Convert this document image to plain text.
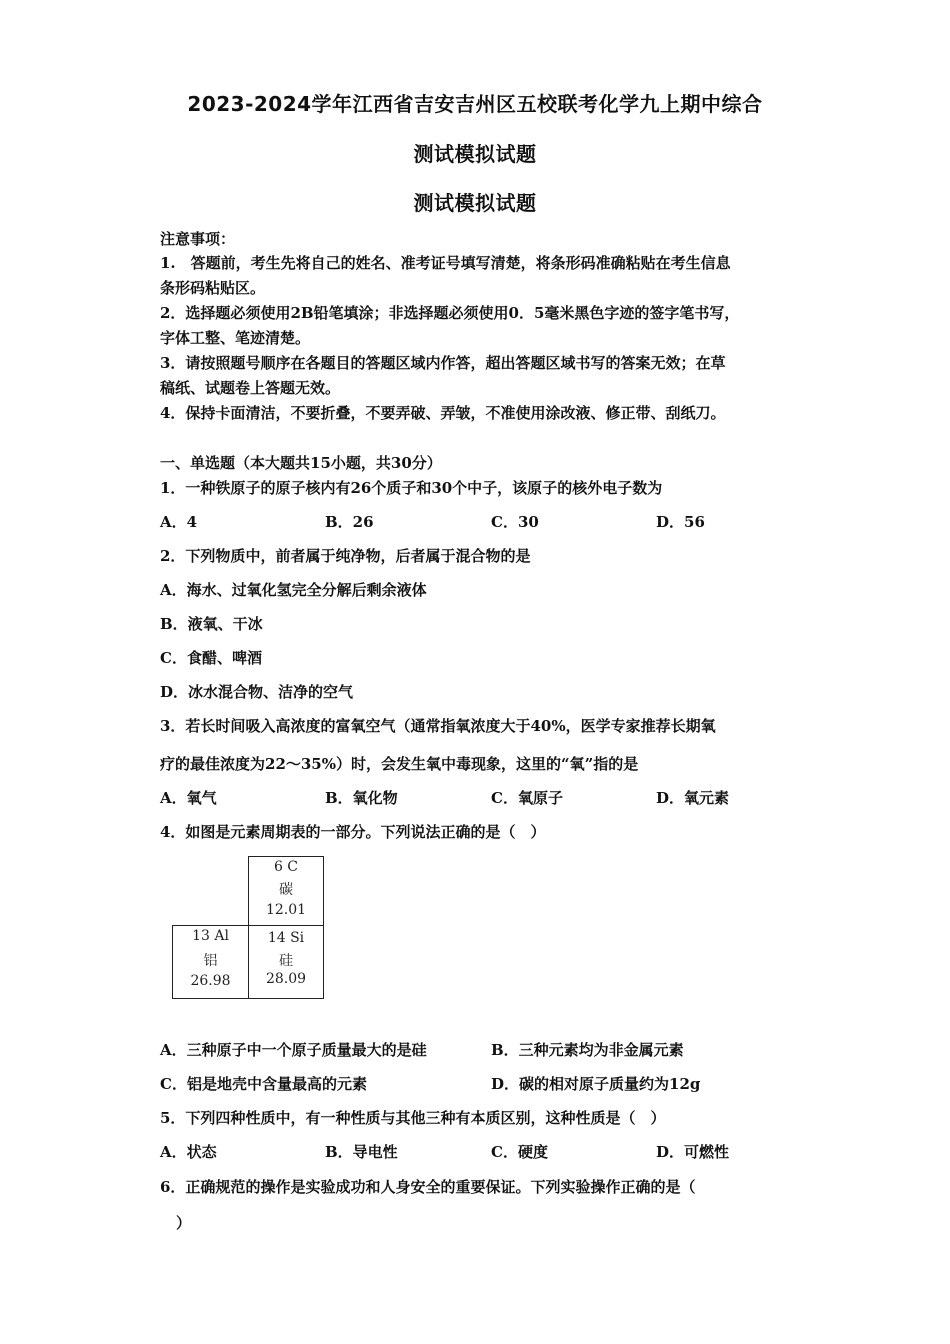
2023-2024学年江西省吉安吉州区五校联考化学九上期中综合
测试模拟试题
测试模拟试题
注意事项：
1.　答题前，考生先将自己的姓名、准考证号填写清楚，将条形码准确粘贴在考生信息
条形码粘贴区。
2．选择题必须使用2B铅笔填涂；非选择题必须使用0．5毫米黑色字迹的签字笔书写，
字体工整、笔迹清楚。
3．请按照题号顺序在各题目的答题区域内作答，超出答题区域书写的答案无效；在草
稿纸、试题卷上答题无效。
4．保持卡面清洁，不要折叠，不要弄破、弄皱，不准使用涂改液、修正带、刮纸刀。
一、单选题（本大题共15小题，共30分）
1．一种铁原子的原子核内有26个质子和30个中子，该原子的核外电子数为
A．4	B．26	C．30	D．56
2．下列物质中，前者属于纯净物，后者属于混合物的是
A．海水、过氧化氢完全分解后剩余液体
B．液氧、干冰
C．食醋、啤酒
D．冰水混合物、洁净的空气
3．若长时间吸入高浓度的富氧空气（通常指氧浓度大于40%，医学专家推荐长期氧
疗的最佳浓度为22～35%）时，会发生氧中毒现象，这里的“氧”指的是
A．氧气	B．氧化物	C．氧原子	D．氧元素
4．如图是元素周期表的一部分。下列说法正确的是（　）
6 C
碳
12.01
13 Al
铝
26.98
14 Si
硅
28.09
A．三种原子中一个原子质量最大的是硅	B．三种元素均为非金属元素
C．铝是地壳中含量最高的元素	D．碳的相对原子质量约为12g
5．下列四种性质中，有一种性质与其他三种有本质区别，这种性质是（　）
A．状态	B．导电性	C．硬度	D．可燃性
6．正确规范的操作是实验成功和人身安全的重要保证。下列实验操作正确的是（
）
